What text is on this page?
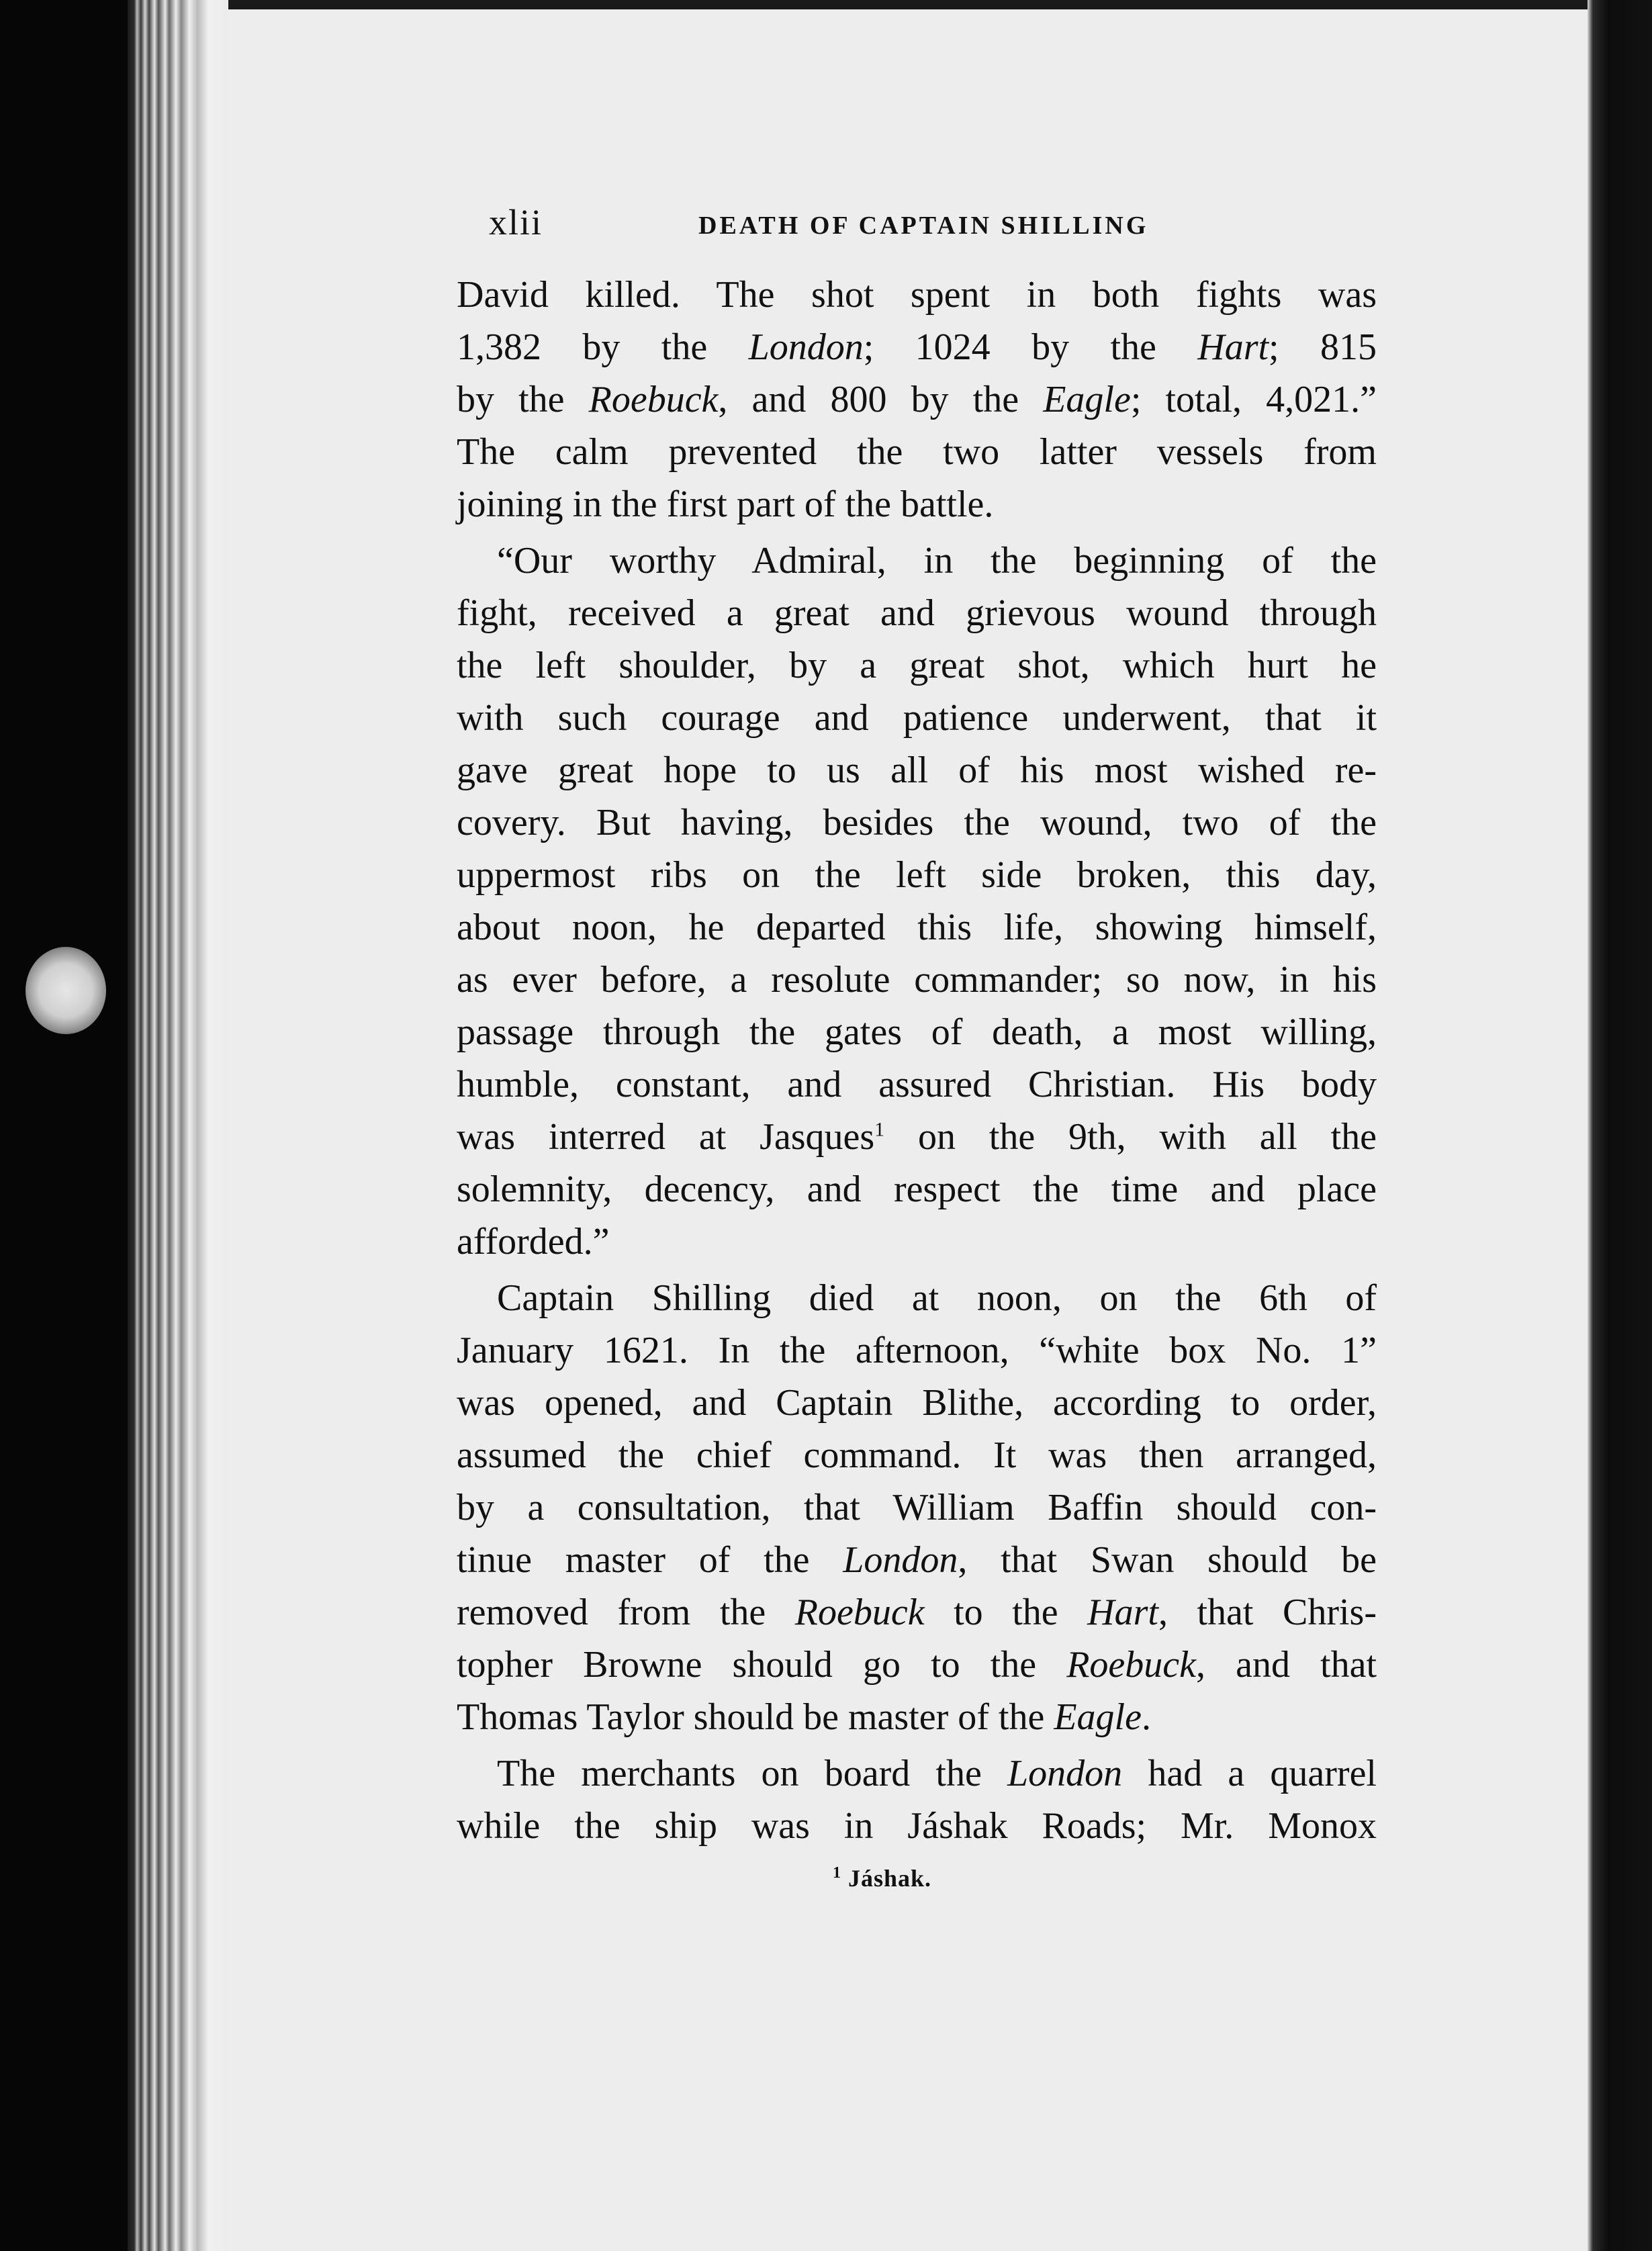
xlii	DEATH OF CAPTAIN SHILLING
David killed. The shot spent in both fights was
1,382 by the London; 1024 by the Hart; 815
by the Roebuck, and 800 by the Eagle; total, 4,021.”
The calm prevented the two latter vessels from
joining in the first part of the battle.
“Our worthy Admiral, in the beginning of the
fight, received a great and grievous wound through
the left shoulder, by a great shot, which hurt he
with such courage and patience underwent, that it
gave great hope to us all of his most wished re-
covery. But having, besides the wound, two of the
uppermost ribs on the left side broken, this day,
about noon, he departed this life, showing himself,
as ever before, a resolute commander; so now, in his
passage through the gates of death, a most willing,
humble, constant, and assured Christian. His body
was interred at Jasques$^1$ on the 9th, with all the
solemnity, decency, and respect the time and place
afforded.”
Captain Shilling died at noon, on the 6th of
January 1621. In the afternoon, “white box No. 1”
was opened, and Captain Blithe, according to order,
assumed the chief command. It was then arranged,
by a consultation, that William Baffin should con-
tinue master of the London, that Swan should be
removed from the Roebuck to the Hart, that Chris-
topher Browne should go to the Roebuck, and that
Thomas Taylor should be master of the Eagle.
The merchants on board the London had a quarrel
while the ship was in Jáshak Roads; Mr. Monox
$^1$ Jáshak.
